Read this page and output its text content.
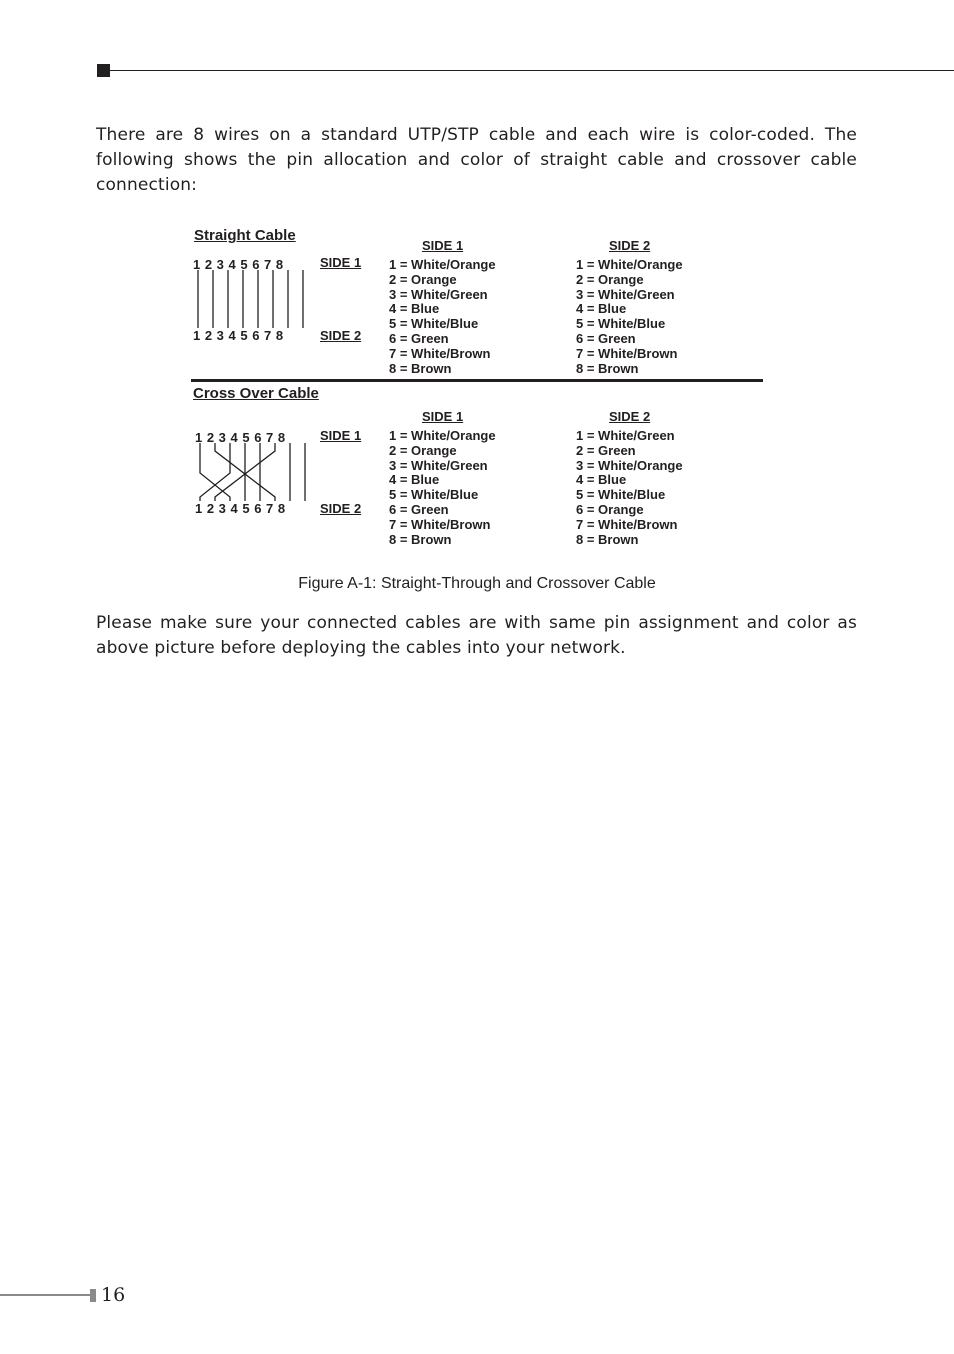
There are 8 wires on a standard UTP/STP cable and each wire is color-coded. The following shows the pin allocation and color of straight cable and crossover cable connection:

Straight Cable
SIDE 1	SIDE 2
1 2 3 4 5 6 7 8
1 2 3 4 5 6 7 8
SIDE 1
SIDE 2
1 = White/Orange
2 = Orange
3 = White/Green
4 = Blue
5 = White/Blue
6 = Green
7 = White/Brown
8 = Brown
1 = White/Orange
2 = Orange
3 = White/Green
4 = Blue
5 = White/Blue
6 = Green
7 = White/Brown
8 = Brown
Cross Over Cable
SIDE 1	SIDE 2
1 2 3 4 5 6 7 8
1 2 3 4 5 6 7 8
SIDE 1
SIDE 2
1 = White/Orange
2 = Orange
3 = White/Green
4 = Blue
5 = White/Blue
6 = Green
7 = White/Brown
8 = Brown
1 = White/Green
2 = Green
3 = White/Orange
4 = Blue
5 = White/Blue
6 = Orange
7 = White/Brown
8 = Brown
Figure A-1: Straight-Through and Crossover Cable

Please make sure your connected cables are with same pin assignment and color as above picture before deploying the cables into your network.

16
